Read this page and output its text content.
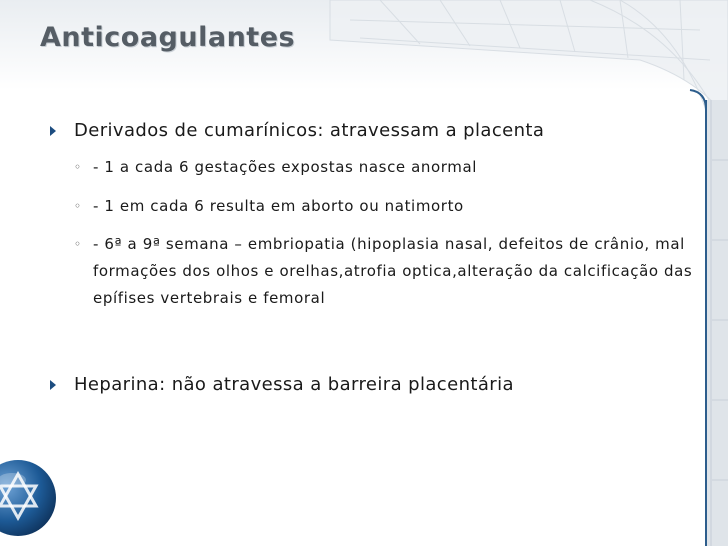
Anticoagulantes
Derivados de cumarínicos: atravessam a placenta
◦ - 1 a cada 6 gestações expostas nasce anormal
◦ - 1 em cada 6 resulta em aborto ou natimorto
◦ - 6ª a 9ª semana – embriopatia (hipoplasia nasal, defeitos de crânio, mal formações dos olhos e orelhas,atrofia optica,alteração da calcificação das epífises vertebrais e femoral
Heparina: não atravessa a barreira placentária
